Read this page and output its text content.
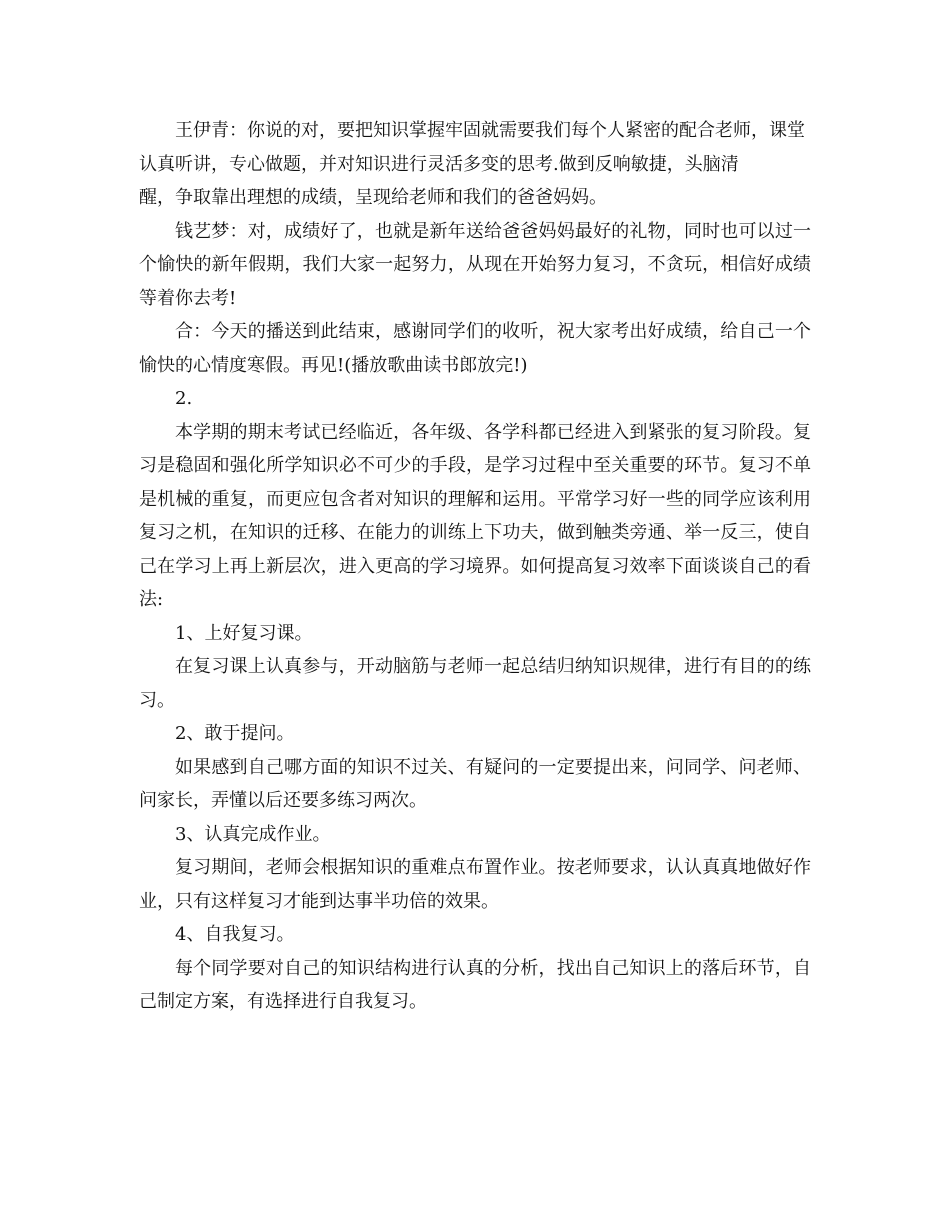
王伊青：你说的对，要把知识掌握牢固就需要我们每个人紧密的配合老师，课堂认真听讲，专心做题，并对知识进行灵活多变的思考.做到反响敏捷，头脑清

醒，争取靠出理想的成绩，呈现给老师和我们的爸爸妈妈。

钱艺梦：对，成绩好了，也就是新年送给爸爸妈妈最好的礼物，同时也可以过一个愉快的新年假期，我们大家一起努力，从现在开始努力复习，不贪玩，相信好成绩等着你去考!

合：今天的播送到此结束，感谢同学们的收听，祝大家考出好成绩，给自己一个愉快的心情度寒假。再见!(播放歌曲读书郎放完!)

2.

本学期的期末考试已经临近，各年级、各学科都已经进入到紧张的复习阶段。复习是稳固和强化所学知识必不可少的手段，是学习过程中至关重要的环节。复习不单是机械的重复，而更应包含者对知识的理解和运用。平常学习好一些的同学应该利用复习之机，在知识的迁移、在能力的训练上下功夫，做到触类旁通、举一反三，使自己在学习上再上新层次，进入更高的学习境界。如何提高复习效率下面谈谈自己的看法:

1、上好复习课。

在复习课上认真参与，开动脑筋与老师一起总结归纳知识规律，进行有目的的练习。

2、敢于提问。

如果感到自己哪方面的知识不过关、有疑问的一定要提出来，问同学、问老师、问家长，弄懂以后还要多练习两次。

3、认真完成作业。

复习期间，老师会根据知识的重难点布置作业。按老师要求，认认真真地做好作业，只有这样复习才能到达事半功倍的效果。

4、自我复习。

每个同学要对自己的知识结构进行认真的分析，找出自己知识上的落后环节，自己制定方案，有选择进行自我复习。
